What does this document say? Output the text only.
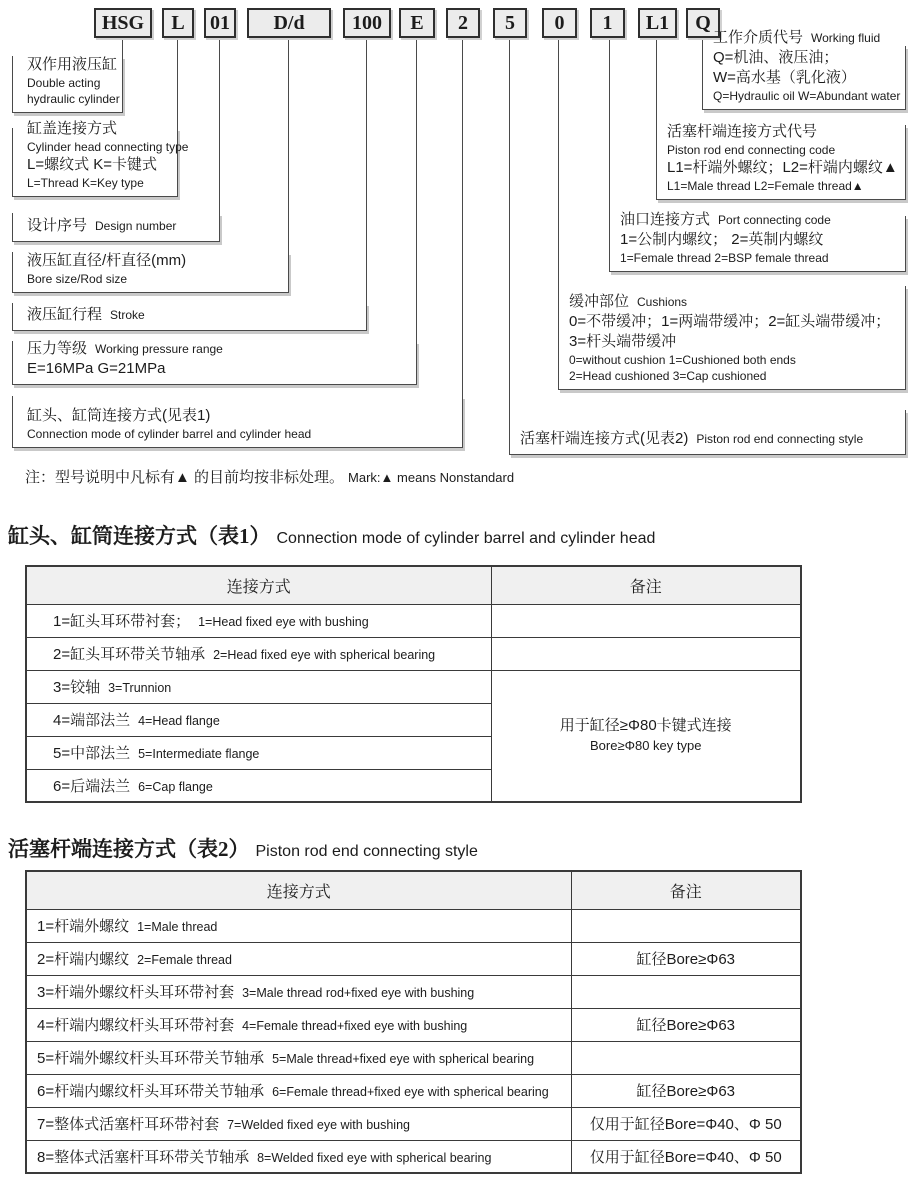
HSG	L	01	D/d	100	E	2	5	0	1	L1	Q
双作用液压缸
Double acting
hydraulic cylinder
缸盖连接方式
Cylinder head connecting type
L=螺纹式 K=卡键式
L=Thread K=Key type
设计序号 Design number
液压缸直径/杆直径(mm)
Bore size/Rod size
液压缸行程 Stroke
压力等级 Working pressure range
E=16MPa G=21MPa
缸头、缸筒连接方式(见表1)
Connection mode of cylinder barrel and cylinder head
工作介质代号 Working fluid
Q=机油、液压油；
W=高水基（乳化液）
Q=Hydraulic oil W=Abundant water
活塞杆端连接方式代号
Piston rod end connecting code
L1=杆端外螺纹；L2=杆端内螺纹▲
L1=Male thread L2=Female thread▲
油口连接方式 Port connecting code
1=公制内螺纹； 2=英制内螺纹
1=Female thread 2=BSP female thread
缓冲部位 Cushions
0=不带缓冲；1=两端带缓冲；2=缸头端带缓冲；
3=杆头端带缓冲
0=without cushion 1=Cushioned both ends
2=Head cushioned 3=Cap cushioned
活塞杆端连接方式(见表2) Piston rod end connecting style
注：型号说明中凡标有▲ 的目前均按非标处理。 Mark:▲ means Nonstandard
缸头、缸筒连接方式（表1） Connection mode of cylinder barrel and cylinder head
连接方式	备注
1=缸头耳环带衬套； 1=Head fixed eye with bushing	
2=缸头耳环带关节轴承 2=Head fixed eye with spherical bearing	
3=铰轴 3=Trunnion	用于缸径≥Φ80卡键式连接
Bore≥Φ80 key type

4=端部法兰 4=Head flange	
5=中部法兰 5=Intermediate flange	
6=后端法兰 6=Cap flange	
活塞杆端连接方式（表2） Piston rod end connecting style
连接方式	备注
1=杆端外螺纹 1=Male thread	
2=杆端内螺纹 2=Female thread	缸径Bore≥Φ63
3=杆端外螺纹杆头耳环带衬套 3=Male thread rod+fixed eye with bushing	
4=杆端内螺纹杆头耳环带衬套 4=Female thread+fixed eye with bushing	缸径Bore≥Φ63
5=杆端外螺纹杆头耳环带关节轴承 5=Male thread+fixed eye with spherical bearing	
6=杆端内螺纹杆头耳环带关节轴承 6=Female thread+fixed eye with spherical bearing	缸径Bore≥Φ63
7=整体式活塞杆耳环带衬套 7=Welded fixed eye with bushing	仅用于缸径Bore=Φ40、Φ 50
8=整体式活塞杆耳环带关节轴承 8=Welded fixed eye with spherical bearing	仅用于缸径Bore=Φ40、Φ 50
